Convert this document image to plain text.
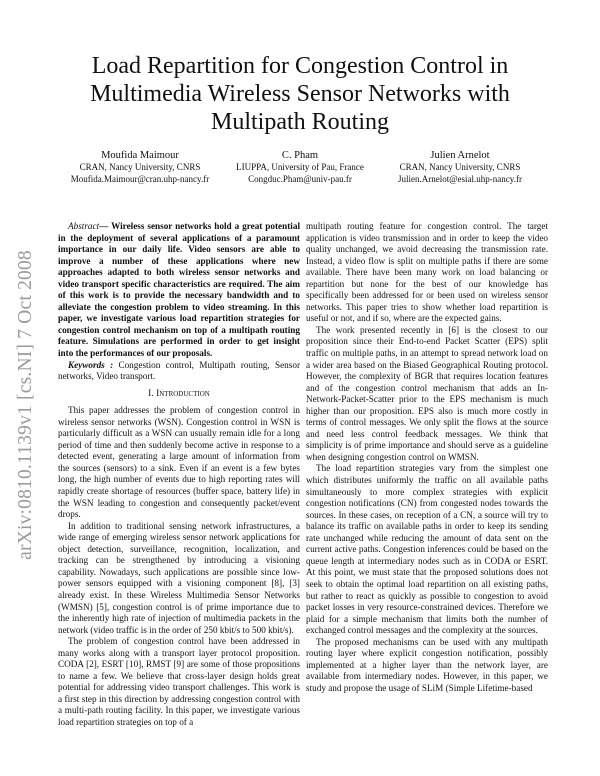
arXiv:0810.1139v1 [cs.NI] 7 Oct 2008
Load Repartition for Congestion Control in Multimedia Wireless Sensor Networks with Multipath Routing
Moufida Maimour
CRAN, Nancy University, CNRS
Moufida.Maimour@cran.uhp-nancy.fr
C. Pham
LIUPPA, University of Pau, France
Congduc.Pham@univ-pau.fr
Julien Arnelot
CRAN, Nancy University, CNRS
Julien.Arnelot@esial.uhp-nancy.fr

Abstract— Wireless sensor networks hold a great potential in the deployment of several applications of a paramount importance in our daily life. Video sensors are able to improve a number of these applications where new approaches adapted to both wireless sensor networks and video transport specific characteristics are required. The aim of this work is to provide the necessary bandwidth and to alleviate the congestion problem to video streaming. In this paper, we investigate various load repartition strategies for congestion control mechanism on top of a multipath routing feature. Simulations are performed in order to get insight into the performances of our proposals.

Keywords : Congestion control, Multipath routing, Sensor networks, Video transport.

I. Introduction

This paper addresses the problem of congestion control in wireless sensor networks (WSN). Congestion control in WSN is particularly difficult as a WSN can usually remain idle for a long period of time and then suddenly become active in response to a detected event, generating a large amount of information from the sources (sensors) to a sink. Even if an event is a few bytes long, the high number of events due to high reporting rates will rapidly create shortage of resources (buffer space, battery life) in the WSN leading to congestion and consequently packet/event drops.

In addition to traditional sensing network infrastructures, a wide range of emerging wireless sensor network applications for object detection, surveillance, recognition, localization, and tracking can be strengthened by introducing a visioning capability. Nowadays, such applications are possible since low-power sensors equipped with a visioning component [8], [3] already exist. In these Wireless Multimedia Sensor Networks (WMSN) [5], congestion control is of prime importance due to the inherently high rate of injection of multimedia packets in the network (video traffic is in the order of 250 kbit/s to 500 kbit/s).

The problem of congestion control have been addressed in many works along with a transport layer protocol proposition. CODA [2], ESRT [10], RMST [9] are some of those propositions to name a few. We believe that cross-layer design holds great potential for addressing video transport challenges. This work is a first step in this direction by addressing congestion control with a multi-path routing facility. In this paper, we investigate various load repartition strategies on top of a

multipath routing feature for congestion control. The target application is video transmission and in order to keep the video quality unchanged, we avoid decreasing the transmission rate. Instead, a video flow is split on multiple paths if there are some available. There have been many work on load balancing or repartition but none for the best of our knowledge has specifically been addressed for or been used on wireless sensor networks. This paper tries to show whether load repartition is useful or not, and if so, where are the expected gains.

The work presented recently in [6] is the closest to our proposition since their End-to-end Packet Scatter (EPS) split traffic on multiple paths, in an attempt to spread network load on a wider area based on the Biased Geographical Routing protocol. However, the complexity of BGR that requires location features and of the congestion control mechanism that adds an In-Network-Packet-Scatter prior to the EPS mechanism is much higher than our proposition. EPS also is much more costly in terms of control messages. We only split the flows at the source and need less control feedback messages. We think that simplicity is of prime importance and should serve as a guideline when designing congestion control on WMSN.

The load repartition strategies vary from the simplest one which distributes uniformly the traffic on all available paths simultaneously to more complex strategies with explicit congestion notifications (CN) from congested nodes towards the sources. In these cases, on reception of a CN, a source will try to balance its traffic on available paths in order to keep its sending rate unchanged while reducing the amount of data sent on the current active paths. Congestion inferences could be based on the queue length at intermediary nodes such as in CODA or ESRT. At this point, we must state that the proposed solutions does not seek to obtain the optimal load repartition on all existing paths, but rather to react as quickly as possible to congestion to avoid packet losses in very resource-constrained devices. Therefore we plaid for a simple mechanism that limits both the number of exchanged control messages and the complexity at the sources.

The proposed mechanisms can be used with any multipath routing layer where explicit congestion notification, possibly implemented at a higher layer than the network layer, are available from intermediary nodes. However, in this paper, we study and propose the usage of SLiM (Simple Lifetime-based
